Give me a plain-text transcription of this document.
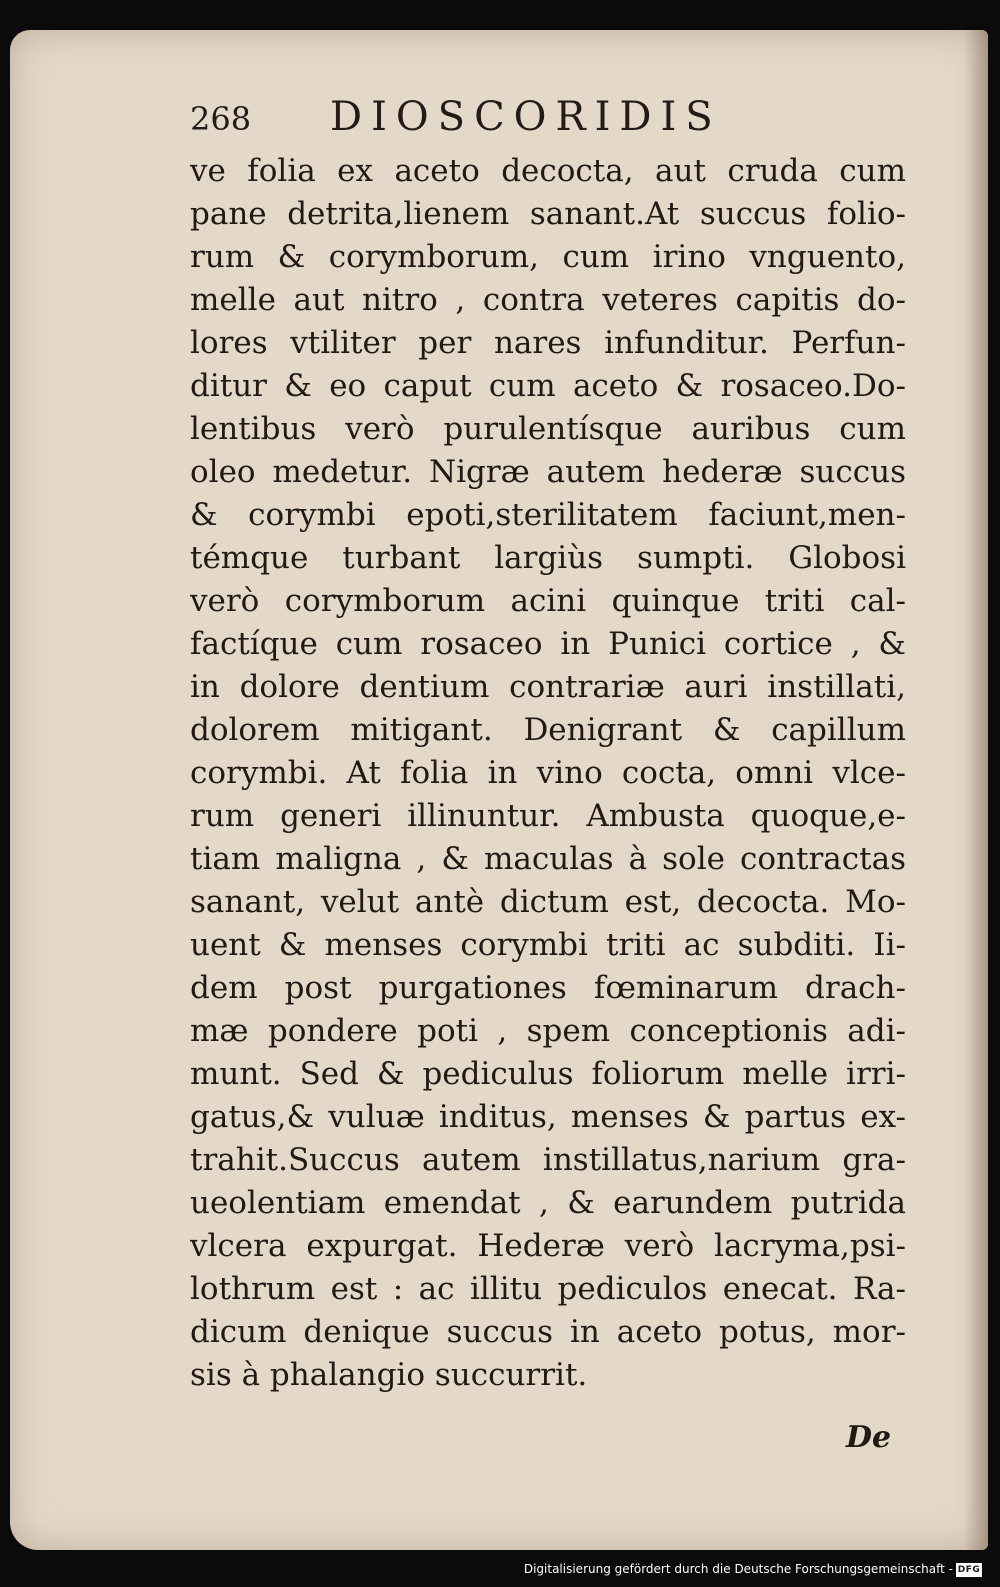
268 DIOSCORIDIS
ve folia ex aceto decocta, aut cruda cum
pane detrita,lienem sanant.At succus folio-
rum & corymborum, cum irino vnguento,
melle aut nitro , contra veteres capitis do-
lores vtiliter per nares infunditur. Perfun-
ditur & eo caput cum aceto & rosaceo.Do-
lentibus verò purulentísque auribus cum
oleo medetur. Nigræ autem hederæ succus
& corymbi epoti,sterilitatem faciunt,men-
témque turbant largiùs sumpti. Globosi
verò corymborum acini quinque triti cal-
factíque cum rosaceo in Punici cortice , &
in dolore dentium contrariæ auri instillati,
dolorem mitigant. Denigrant & capillum
corymbi. At folia in vino cocta, omni vlce-
rum generi illinuntur. Ambusta quoque,e-
tiam maligna , & maculas à sole contractas
sanant, velut antè dictum est, decocta. Mo-
uent & menses corymbi triti ac subditi. Ii-
dem post purgationes fœminarum drach-
mæ pondere poti , spem conceptionis adi-
munt. Sed & pediculus foliorum melle irri-
gatus,& vuluæ inditus, menses & partus ex-
trahit.Succus autem instillatus,narium gra-
ueolentiam emendat , & earundem putrida
vlcera expurgat. Hederæ verò lacryma,psi-
lothrum est : ac illitu pediculos enecat. Ra-
dicum denique succus in aceto potus, mor-
sis à phalangio succurrit.
De
Digitalisierung gefördert durch die Deutsche Forschungsgemeinschaft - DFG
